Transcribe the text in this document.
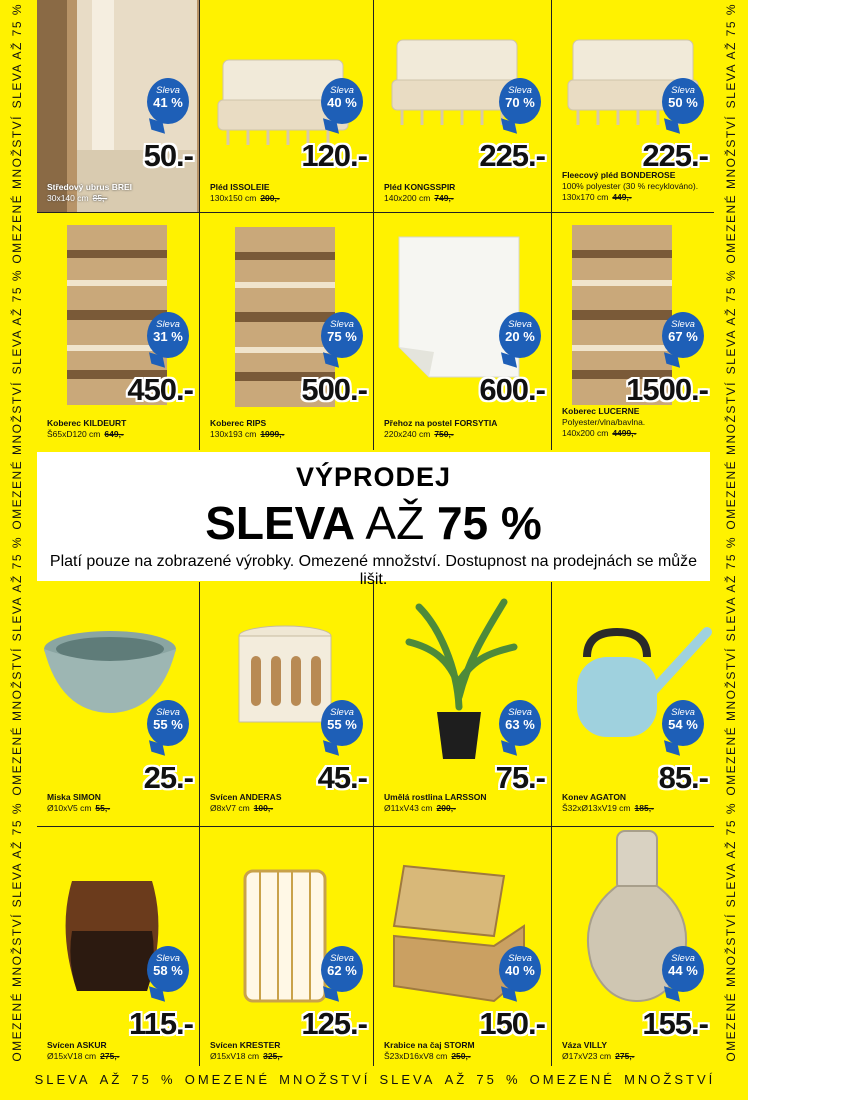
SLEVA AŽ 75 %
OMEZENÉ MNOŽSTVÍ
SLEVA AŽ 75 %
OMEZENÉ MNOŽSTVÍ
SLEVA AŽ 75 %
OMEZENÉ MNOŽSTVÍ
SLEVA AŽ 75 %
OMEZENÉ MNOŽSTVÍ
SLEVA AŽ 75 %
OMEZENÉ MNOŽSTVÍ
SLEVA AŽ 75 %
OMEZENÉ MNOŽSTVÍ
SLEVA AŽ 75 %
OMEZENÉ MNOŽSTVÍ
SLEVA AŽ 75 %
OMEZENÉ MNOŽSTVÍ
SLEVA AŽ 75 % OMEZENÉ MNOŽSTVÍ SLEVA AŽ 75 % OMEZENÉ MNOŽSTVÍ
Sleva
41 %
50.-
Středový ubrus BREI
30x140 cm 85,-
Sleva
40 %
120.-
Pléd ISSOLEIE
130x150 cm 200,-
Sleva
70 %
225.-
Pléd KONGSSPIR
140x200 cm 749,-
Sleva
50 %
225.-
Fleecový pléd BONDEROSE
100% polyester (30 % recyklováno).
130x170 cm 449,-
Sleva
31 %
450.-
Koberec KILDEURT
Š65xD120 cm 649,-
Sleva
75 %
500.-
Koberec RIPS
130x193 cm 1999,-
Sleva
20 %
600.-
Přehoz na postel FORSYTIA
220x240 cm 750,-
Sleva
67 %
1500.-
Koberec LUCERNE
Polyester/vlna/bavlna.
140x200 cm 4499,-
Sleva
55 %
25.-
Miska SIMON
Ø10xV5 cm 55,-
Sleva
55 %
45.-
Svícen ANDERAS
Ø8xV7 cm 100,-
Sleva
63 %
75.-
Umělá rostlina LARSSON
Ø11xV43 cm 200,-
Sleva
54 %
85.-
Konev AGATON
Š32xØ13xV19 cm 185,-
Sleva
58 %
115.-
Svícen ASKUR
Ø15xV18 cm 275,-
Sleva
62 %
125.-
Svícen KRESTER
Ø15xV18 cm 325,-
Sleva
40 %
150.-
Krabice na čaj STORM
Š23xD16xV8 cm 250,-
Sleva
44 %
155.-
Váza VILLY
Ø17xV23 cm 275,-
VÝPRODEJ
SLEVA AŽ 75 %
Platí pouze na zobrazené výrobky. Omezené množství. Dostupnost na prodejnách se může lišit.
